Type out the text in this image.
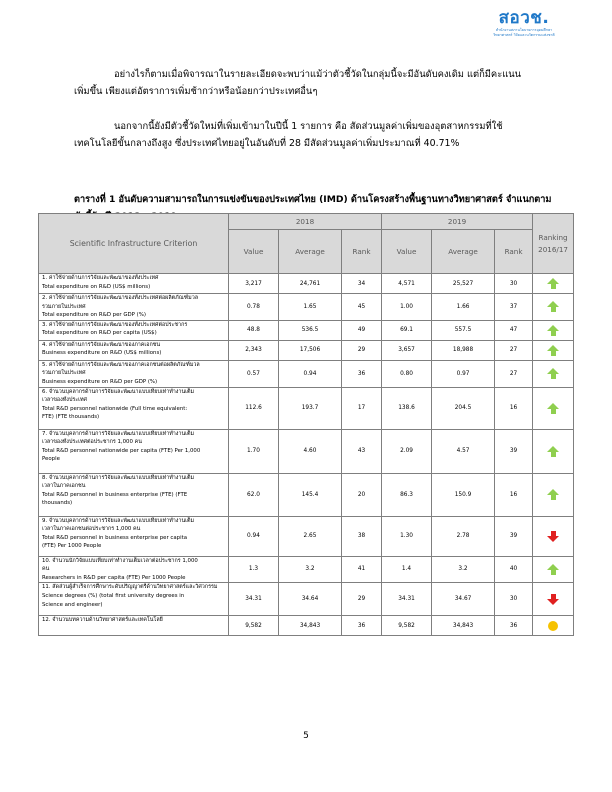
สอวช.
สำนักงานสภานโยบายการอุดมศึกษา
วิทยาศาสตร์ วิจัยและนวัตกรรมแห่งชาติ
อย่างไรก็ตามเมื่อพิจารณาในรายละเอียดจะพบว่าแม้ว่าตัวชี้วัดในกลุ่มนี้จะมีอันดับคงเดิม แต่ก็มีคะแนน
เพิ่มขึ้น เพียงแต่อัตราการเพิ่มช้ากว่าหรือน้อยกว่าประเทศอื่นๆ
นอกจากนี้ยังมีตัวชี้วัดใหม่ที่เพิ่มเข้ามาในปีนี้ 1 รายการ คือ สัดส่วนมูลค่าเพิ่มของอุตสาหกรรมที่ใช้
เทคโนโลยีขั้นกลางถึงสูง ซึ่งประเทศไทยอยู่ในอันดับที่ 28 มีสัดส่วนมูลค่าเพิ่มประมาณที่ 40.71%
ตารางที่ 1 อันดับความสามารถในการแข่งขันของประเทศไทย (IMD) ด้านโครงสร้างพื้นฐานทางวิทยาศาสตร์ จำแนกตาม
Scientific Infrastructure Criterion	2018			2019			Ranking
2016/17

	Value	Average	Rank	Value	Average	Rank	

1. ค่าใช้จ่ายด้านการวิจัยและพัฒนาของทั้งประเทศ
Total expenditure on R&D (US$ millions)	3,217	24,761	34	4,571	25,527	30	

2. ค่าใช้จ่ายด้านการวิจัยและพัฒนาของทั้งประเทศต่อผลิตภัณฑ์มวล
รวมภายในประเทศ
Total expenditure on R&D per GDP (%)	0.78	1.65	45	1.00	1.66	37	

3. ค่าใช้จ่ายด้านการวิจัยและพัฒนาของทั้งประเทศต่อประชากร
Total expenditure on R&D per capita (US$)	48.8	536.5	49	69.1	557.5	47	

4. ค่าใช้จ่ายด้านการวิจัยและพัฒนาของภาคเอกชน
Business expenditure on R&D (US$ millions)	2,343	17,506	29	3,657	18,988	27	

5. ค่าใช้จ่ายด้านการวิจัยและพัฒนาของภาคเอกชนต่อผลิตภัณฑ์มวล
รวมภายในประเทศ
Business expenditure on R&D per GDP (%)	0.57	0.94	36	0.80	0.97	27	

6. จำนวนบุคลากรด้านการวิจัยและพัฒนาแบบเทียบเท่าทำงานเต็ม
เวลาของทั้งประเทศ
Total R&D personnel nationwide (Full time equivalent:
FTE) (FTE thousands)	112.6	193.7	17	138.6	204.5	16	

7. จำนวนบุคลากรด้านการวิจัยและพัฒนาแบบเทียบเท่าทำงานเต็ม
เวลาของทั้งประเทศต่อประชากร 1,000 คน
Total R&D personnel nationwide per capita (FTE) Per 1,000
People	1.70	4.60	43	2.09	4.57	39	

8. จำนวนบุคลากรด้านการวิจัยและพัฒนาแบบเทียบเท่าทำงานเต็ม
เวลาในภาคเอกชน
Total R&D personnel in business enterprise (FTE) (FTE
thousands)	62.0	145.4	20	86.3	150.9	16	

9. จำนวนบุคลากรด้านการวิจัยและพัฒนาแบบเทียบเท่าทำงานเต็ม
เวลาในภาคเอกชนต่อประชากร 1,000 คน
Total R&D personnel in business enterprise per capita
(FTE) Per 1000 People	0.94	2.65	38	1.30	2.78	39	

10. จำนวนนักวิจัยแบบเทียบเท่าทำงานเต็มเวลาต่อประชากร 1,000
คน
Researchers in R&D per capita (FTE) Per 1000 People	1.3	3.2	41	1.4	3.2	40	

11. สัดส่วนผู้สำเร็จการศึกษาระดับปริญญาตรีด้านวิทยาศาสตร์และวิศวกรรม
Science degrees (%) (total first university degrees in
Science and engineer)	34.31	34.64	29	34.31	34.67	30	

12. จำนวนบทความด้านวิทยาศาสตร์และเทคโนโลยี	9,582	34,843	36	9,582	34,843	36	
5
